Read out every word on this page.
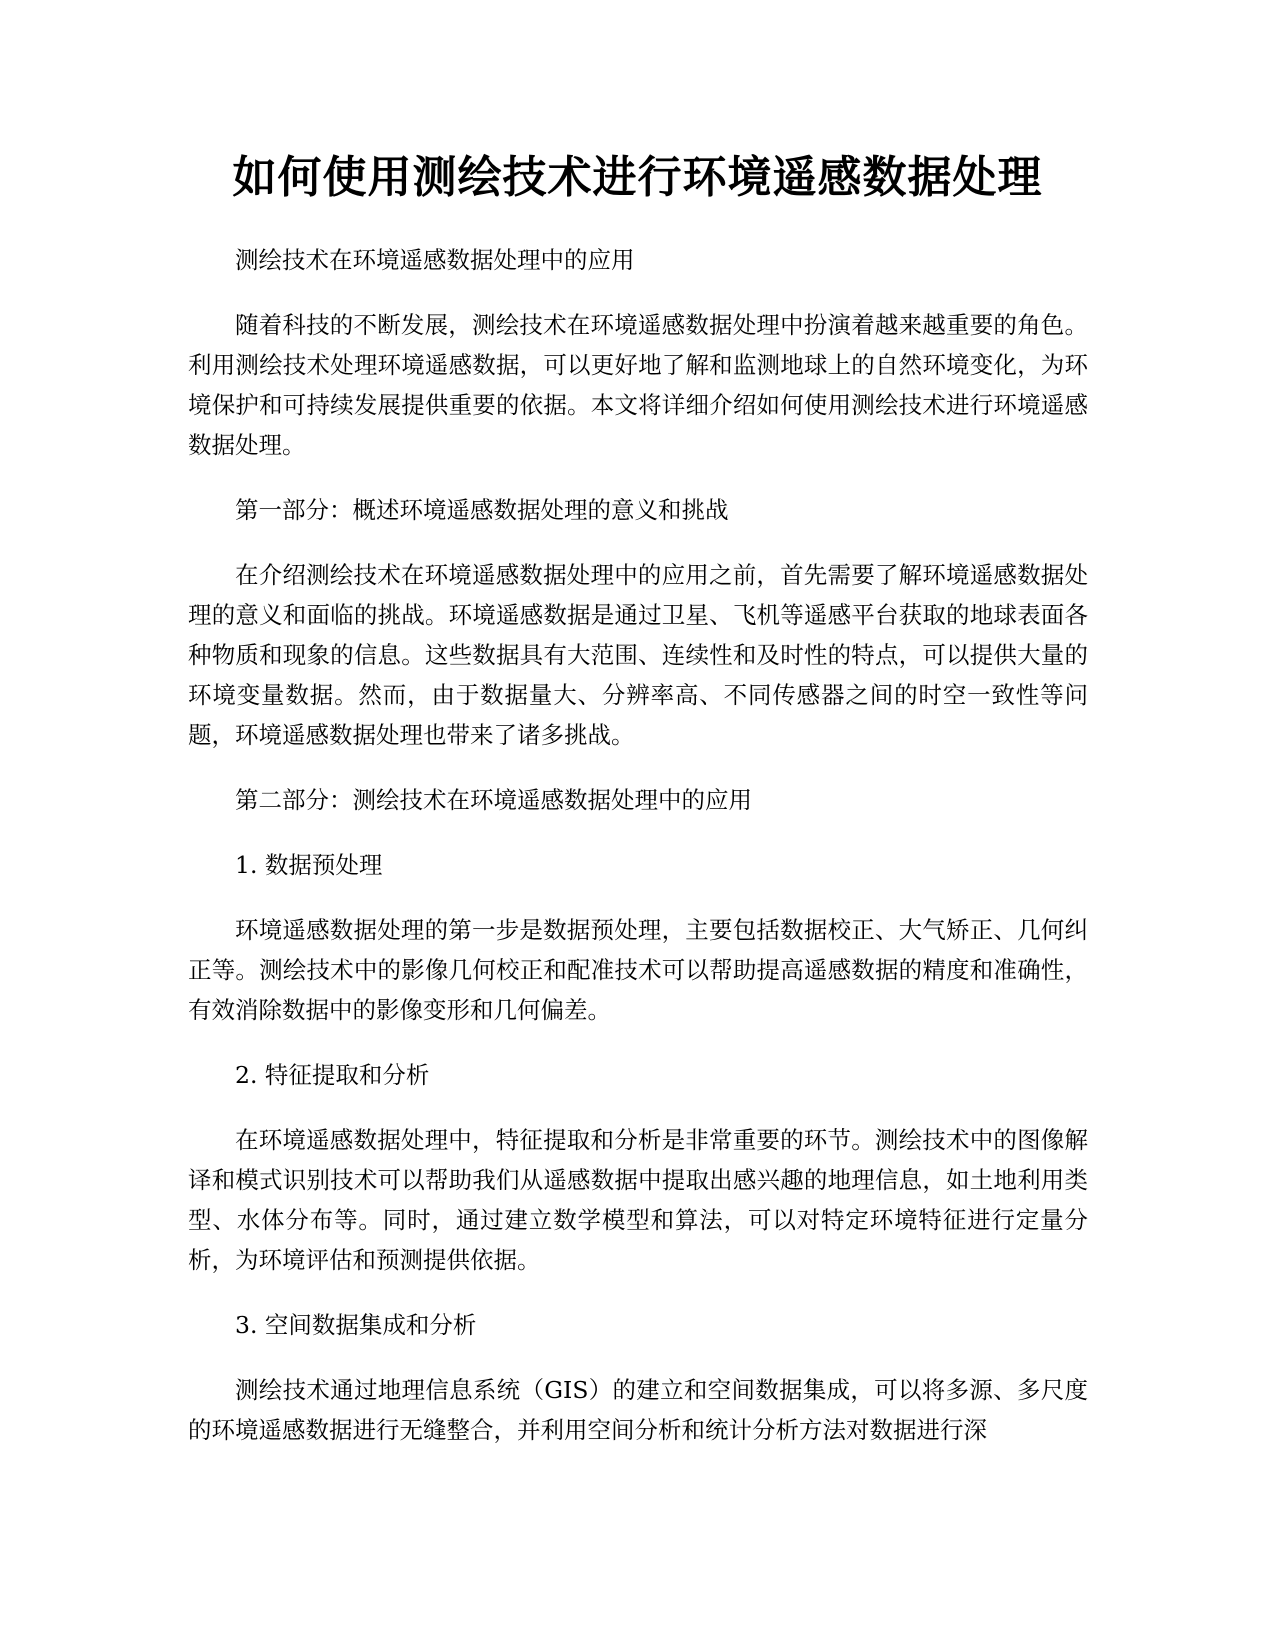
如何使用测绘技术进行环境遥感数据处理

测绘技术在环境遥感数据处理中的应用

随着科技的不断发展，测绘技术在环境遥感数据处理中扮演着越来越重要的角色。利用测绘技术处理环境遥感数据，可以更好地了解和监测地球上的自然环境变化，为环境保护和可持续发展提供重要的依据。本文将详细介绍如何使用测绘技术进行环境遥感数据处理。

第一部分：概述环境遥感数据处理的意义和挑战

在介绍测绘技术在环境遥感数据处理中的应用之前，首先需要了解环境遥感数据处理的意义和面临的挑战。环境遥感数据是通过卫星、飞机等遥感平台获取的地球表面各种物质和现象的信息。这些数据具有大范围、连续性和及时性的特点，可以提供大量的环境变量数据。然而，由于数据量大、分辨率高、不同传感器之间的时空一致性等问题，环境遥感数据处理也带来了诸多挑战。

第二部分：测绘技术在环境遥感数据处理中的应用

1. 数据预处理

环境遥感数据处理的第一步是数据预处理，主要包括数据校正、大气矫正、几何纠正等。测绘技术中的影像几何校正和配准技术可以帮助提高遥感数据的精度和准确性，有效消除数据中的影像变形和几何偏差。

2. 特征提取和分析

在环境遥感数据处理中，特征提取和分析是非常重要的环节。测绘技术中的图像解译和模式识别技术可以帮助我们从遥感数据中提取出感兴趣的地理信息，如土地利用类型、水体分布等。同时，通过建立数学模型和算法，可以对特定环境特征进行定量分析，为环境评估和预测提供依据。

3. 空间数据集成和分析

测绘技术通过地理信息系统（GIS）的建立和空间数据集成，可以将多源、多尺度的环境遥感数据进行无缝整合，并利用空间分析和统计分析方法对数据进行深
